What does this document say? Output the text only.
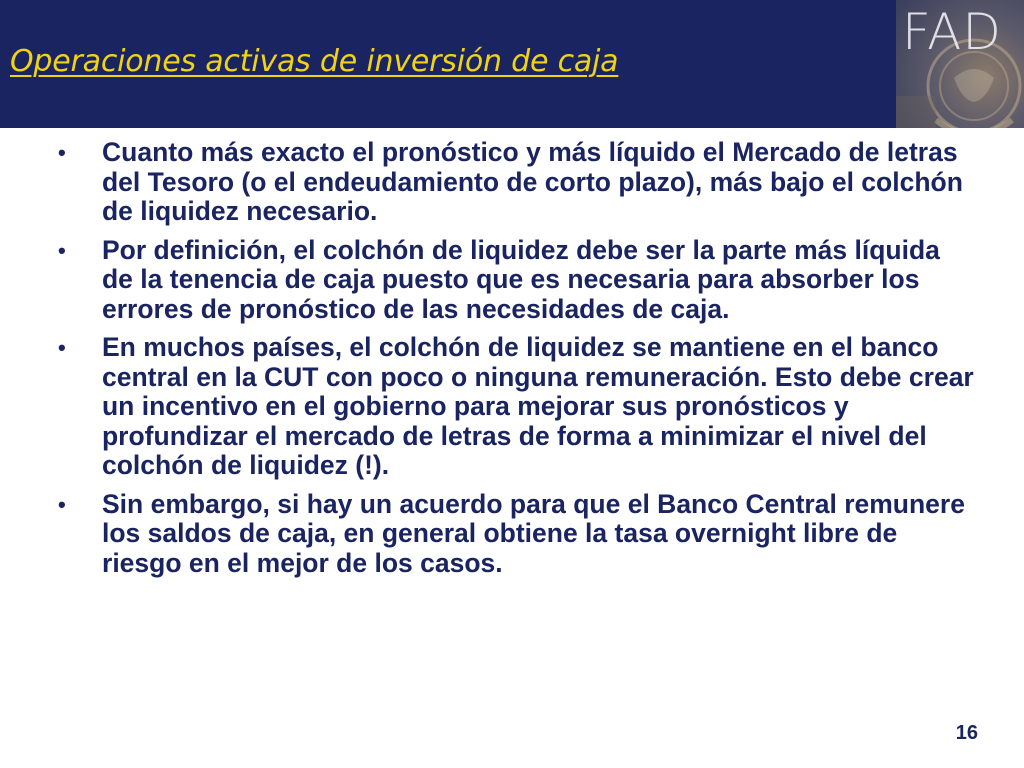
Operaciones activas de inversión de caja
FAD
• Cuanto más exacto el pronóstico y más líquido el Mercado de letras del Tesoro (o el endeudamiento de corto plazo), más bajo el colchón de liquidez necesario.
• Por definición, el colchón de liquidez debe ser la parte más líquida de la tenencia de caja puesto que es necesaria para absorber los errores de pronóstico de las necesidades de caja.
• En muchos países, el colchón de liquidez se mantiene en el banco central en la CUT con poco o ninguna remuneración. Esto debe crear un incentivo en el gobierno para mejorar sus pronósticos y profundizar el mercado de letras de forma a minimizar el nivel del colchón de liquidez (!).
• Sin embargo, si hay un acuerdo para que el Banco Central remunere los saldos de caja, en general obtiene la tasa overnight libre de riesgo en el mejor de los casos.
16
